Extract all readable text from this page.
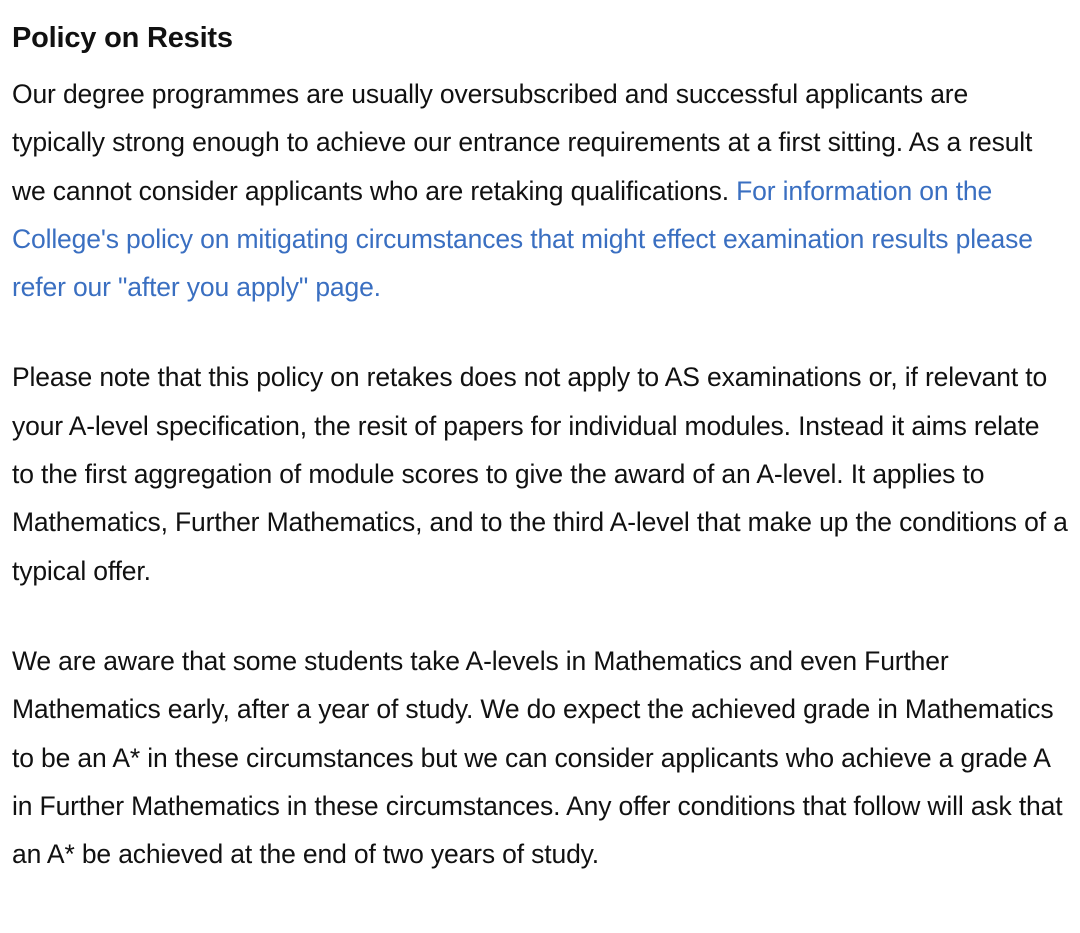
Policy on Resits

Our degree programmes are usually oversubscribed and successful applicants are typically strong enough to achieve our entrance requirements at a first sitting. As a result we cannot consider applicants who are retaking qualifications. For information on the College's policy on mitigating circumstances that might effect examination results please refer our "after you apply" page.

Please note that this policy on retakes does not apply to AS examinations or, if relevant to your A-level specification, the resit of papers for individual modules. Instead it aims relate to the first aggregation of module scores to give the award of an A-level. It applies to Mathematics, Further Mathematics, and to the third A-level that make up the conditions of a typical offer.

We are aware that some students take A-levels in Mathematics and even Further Mathematics early, after a year of study. We do expect the achieved grade in Mathematics to be an A* in these circumstances but we can consider applicants who achieve a grade A in Further Mathematics in these circumstances. Any offer conditions that follow will ask that an A* be achieved at the end of two years of study.
